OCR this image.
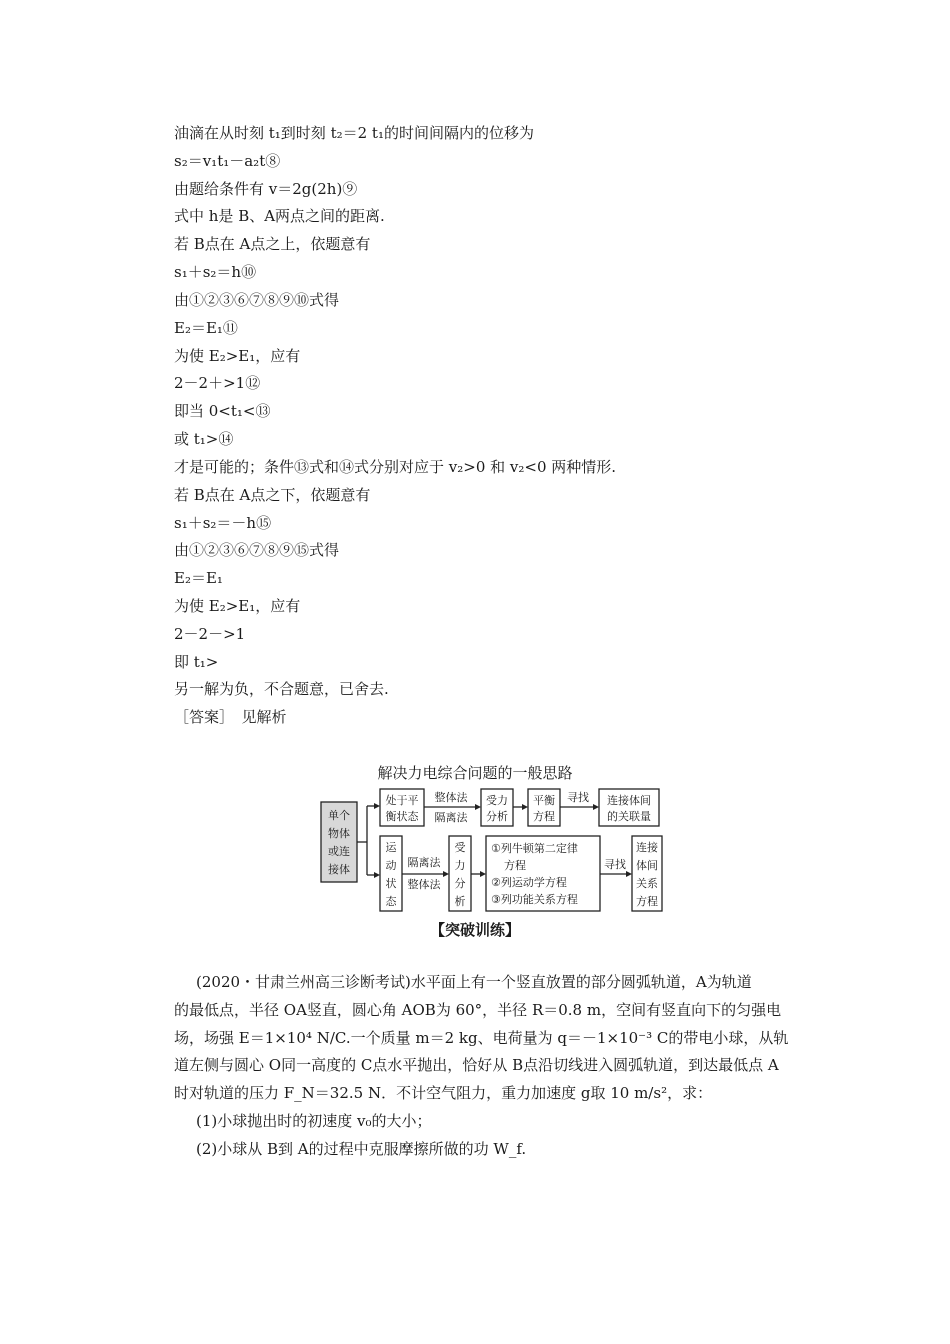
油滴在从时刻 t₁到时刻 t₂＝2 t₁的时间间隔内的位移为
s₂＝v₁t₁－a₂t⑧
由题给条件有 v＝2g(2h)⑨
式中 h是 B、A两点之间的距离.
若 B点在 A点之上，依题意有
s₁＋s₂＝h⑩
由①②③⑥⑦⑧⑨⑩式得
E₂＝E₁⑪
为使 E₂>E₁，应有
2－2＋>1⑫
即当 0<t₁<⑬
或 t₁>⑭
才是可能的；条件⑬式和⑭式分别对应于 v₂>0 和 v₂<0 两种情形.
若 B点在 A点之下，依题意有
s₁＋s₂＝－h⑮
由①②③⑥⑦⑧⑨⑮式得
E₂＝E₁
为使 E₂>E₁，应有
2－2－>1
即 t₁>
另一解为负，不合题意，已舍去.
［答案］　见解析
解决力电综合问题的一般思路
单个
物体
或连
接体
处于平
衡状态
整体法
隔离法
受力
分析
平衡
方程
寻找 连接体间
的关联量
运
动
状
态
隔离法
整体法
受
力
分
析
①列牛顿第二定律
方程
②列运动学方程
③列功能关系方程
寻找
连接
体间
关系
方程
【突破训练】
(2020・甘肃兰州高三诊断考试)水平面上有一个竖直放置的部分圆弧轨道，A为轨道
的最低点，半径 OA竖直，圆心角 AOB为 60°，半径 R＝0.8 m，空间有竖直向下的匀强电
场，场强 E＝1×10⁴ N/C.一个质量 m＝2 kg、电荷量为 q＝－1×10⁻³ C的带电小球，从轨
道左侧与圆心 O同一高度的 C点水平抛出，恰好从 B点沿切线进入圆弧轨道，到达最低点 A
时对轨道的压力 F_N＝32.5 N．不计空气阻力，重力加速度 g取 10 m/s²，求：
(1)小球抛出时的初速度 v₀的大小；
(2)小球从 B到 A的过程中克服摩擦所做的功 W_f.
